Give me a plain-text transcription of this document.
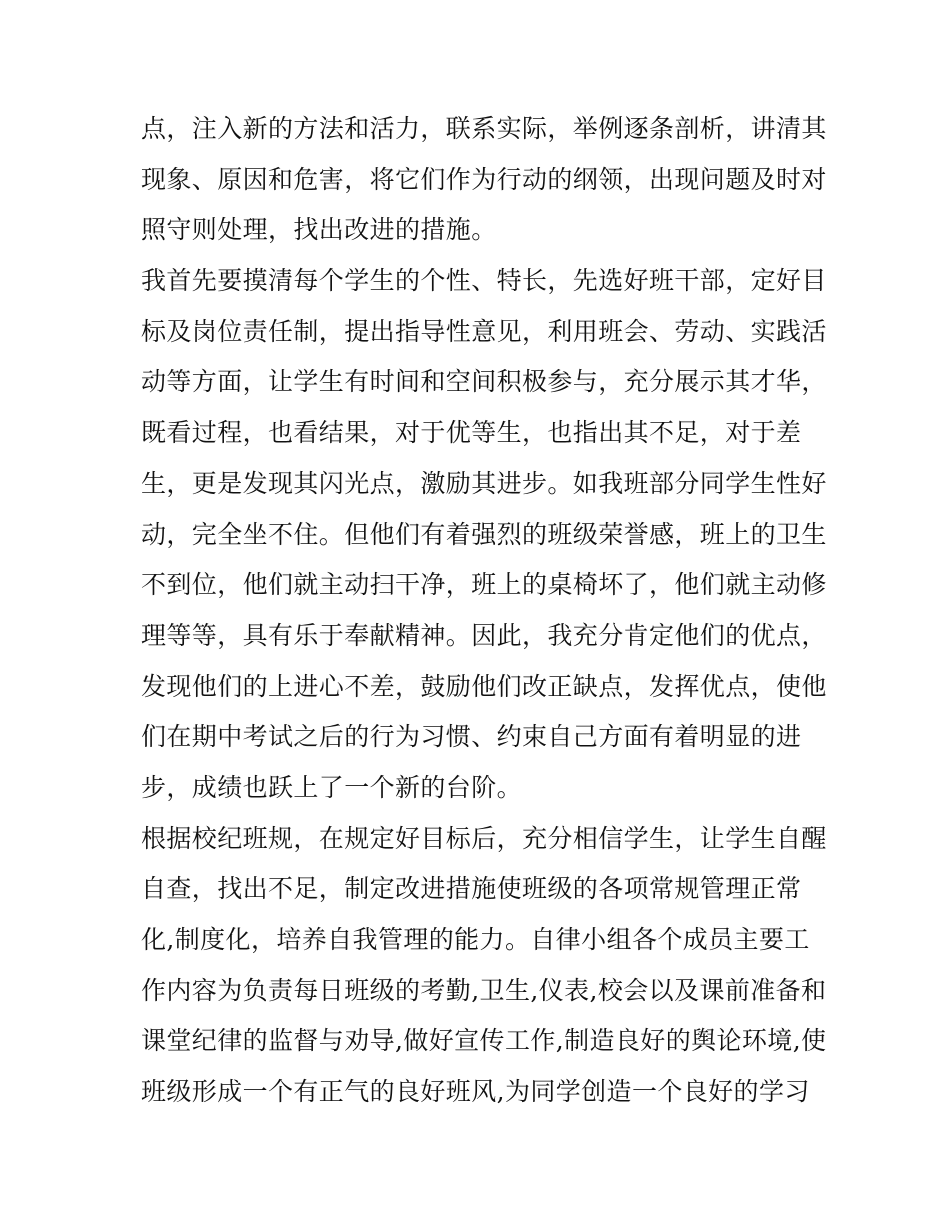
点，注入新的方法和活力，联系实际，举例逐条剖析，讲清其
现象、原因和危害，将它们作为行动的纲领，出现问题及时对
照守则处理，找出改进的措施。
我首先要摸清每个学生的个性、特长，先选好班干部，定好目
标及岗位责任制，提出指导性意见，利用班会、劳动、实践活
动等方面，让学生有时间和空间积极参与，充分展示其才华，
既看过程，也看结果，对于优等生，也指出其不足，对于差
生，更是发现其闪光点，激励其进步。如我班部分同学生性好
动，完全坐不住。但他们有着强烈的班级荣誉感，班上的卫生
不到位，他们就主动扫干净，班上的桌椅坏了，他们就主动修
理等等，具有乐于奉献精神。因此，我充分肯定他们的优点，
发现他们的上进心不差，鼓励他们改正缺点，发挥优点，使他
们在期中考试之后的行为习惯、约束自己方面有着明显的进
步，成绩也跃上了一个新的台阶。
根据校纪班规，在规定好目标后，充分相信学生，让学生自醒
自查，找出不足，制定改进措施使班级的各项常规管理正常
化,制度化，培养自我管理的能力。自律小组各个成员主要工
作内容为负责每日班级的考勤,卫生,仪表,校会以及课前准备和
课堂纪律的监督与劝导,做好宣传工作,制造良好的舆论环境,使
班级形成一个有正气的良好班风,为同学创造一个良好的学习
